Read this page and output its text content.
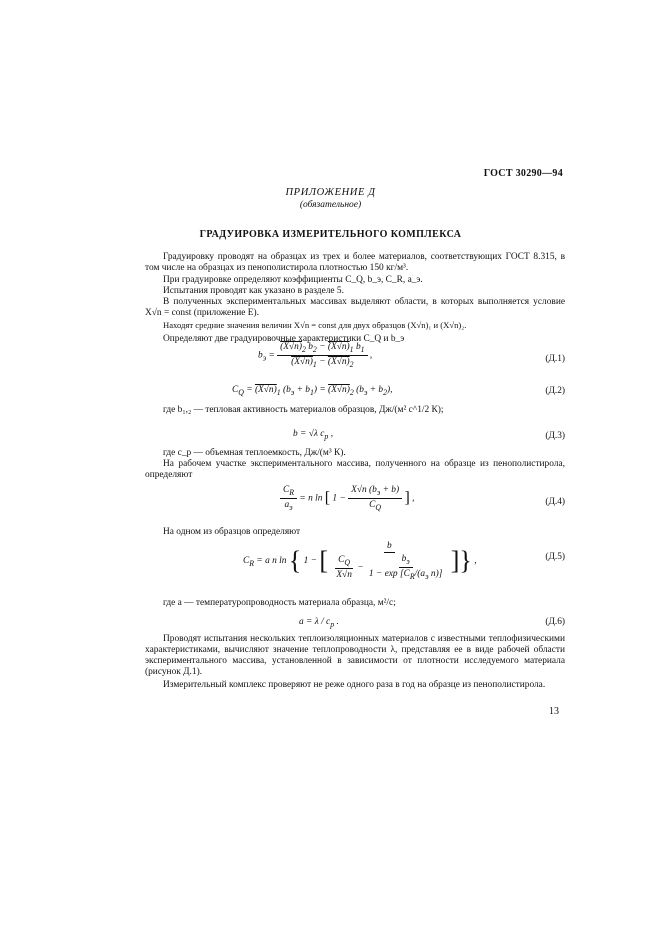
ГОСТ 30290—94
ПРИЛОЖЕНИЕ Д
(обязательное)
ГРАДУИРОВКА ИЗМЕРИТЕЛЬНОГО КОМПЛЕКСА
Градуировку проводят на образцах из трех и более материалов, соответствующих ГОСТ 8.315, в том числе на образцах из пенополистирола плотностью 150 кг/м³.
При градуировке определяют коэффициенты C_Q, b_э, C_R, a_э.
Испытания проводят как указано в разделе 5.
В полученных экспериментальных массивах выделяют области, в которых выполняется условие X√n = const (приложение Е).
Находят средние значения величин X√n = const для двух образцов (X√n)₁ и (X√n)₂.
Определяют две градуировочные характеристики C_Q и b_э
$b_э = \frac{(X√n)_2 b_2 - (X√n)_1 b_1}{(X√n)_1 - (X√n)_2}$ ,	(Д.1)
$C_Q = (X√n)_1$ $(b_э + b_1) = (X√n)_2$ $(b_э + b_2)$,	(Д.2)
где b₁,₂ — тепловая активность материалов образцов, Дж/(м² с^1/2 К);
b = √λ $c_p$ ,	(Д.3)
где c_p — объемная теплоемкость, Дж/(м³ К).
На рабочем участке экспериментального массива, полученного на образце из пенополистирола, определяют
$\frac{C_R}{a_э} = n$ ln [ $1 - \frac{X√n (b_э + b)}{C_Q}$ ] ,	(Д.4)
На одном из образцов определяют
$C_R = a$ n ln { 1 − [ $\frac{b}{\frac{C_Q}{X√n} - \frac{b_э}{1 - \exp [C_R/(a_э n)]}}$ ]} ,	(Д.5)
где a — температуропроводность материала образца, м²/с;
$a = \lambda / c_p$ .	(Д.6)
Проводят испытания нескольких теплоизоляционных материалов с известными теплофизическими характеристиками, вычисляют значение теплопроводности λ, представляя ее в виде рабочей области экспериментального массива, установленной в зависимости от плотности исследуемого материала (рисунок Д.1).
Измерительный комплекс проверяют не реже одного раза в год на образце из пенополистирола.
13
